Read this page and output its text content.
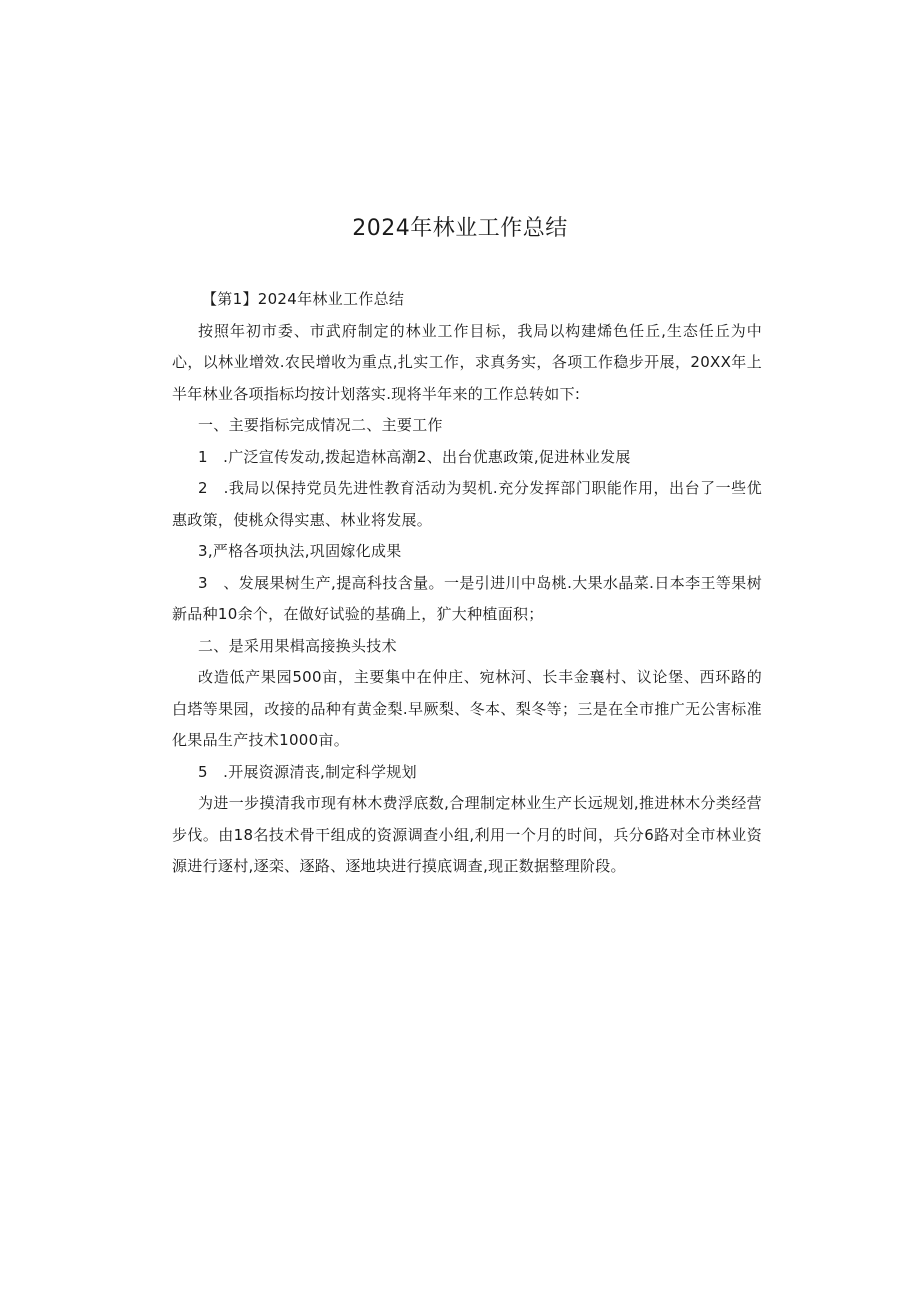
2024年林业工作总结

【第1】2024年林业工作总结

按照年初市委、市武府制定的林业工作目标，我局以构建烯色任丘,生态任丘为中心，以林业增效.农民增收为重点,扎实工作，求真务实，各项工作稳步开展，20XX年上半年林业各项指标均按计划落实.现将半年来的工作总转如下:

一、主要指标完成情况二、主要工作

1　.广泛宣传发动,拨起造林高潮2、出台优惠政策,促进林业发展

2　.我局以保持党员先进性教育活动为契机.充分发挥部门职能作用，出台了一些优惠政策，使桃众得实惠、林业将发展。

3,严格各项执法,巩固嫁化成果

3　、发展果树生产,提高科技含量。一是引进川中岛桃.大果水晶菜.日本李王等果树新品种10余个，在做好试验的基确上，犷大种植面积；

二、是采用果楫高接换头技术

改造低产果园500亩，主要集中在仲庄、宛林河、长丰金襄村、议论堡、西环路的白塔等果园，改接的品种有黄金梨.早厥梨、冬本、梨冬等；三是在全市推广无公害标准化果品生产技术1000亩。

5　.开展资源清丧,制定科学规划

为进一步摸清我市现有林木费浮底数,合理制定林业生产长远规划,推进林木分类经营步伐。由18名技术骨干组成的资源调查小组,利用一个月的时间，兵分6路对全市林业资源进行逐村,逐栾、逐路、逐地块进行摸底调查,现正数据整理阶段。
